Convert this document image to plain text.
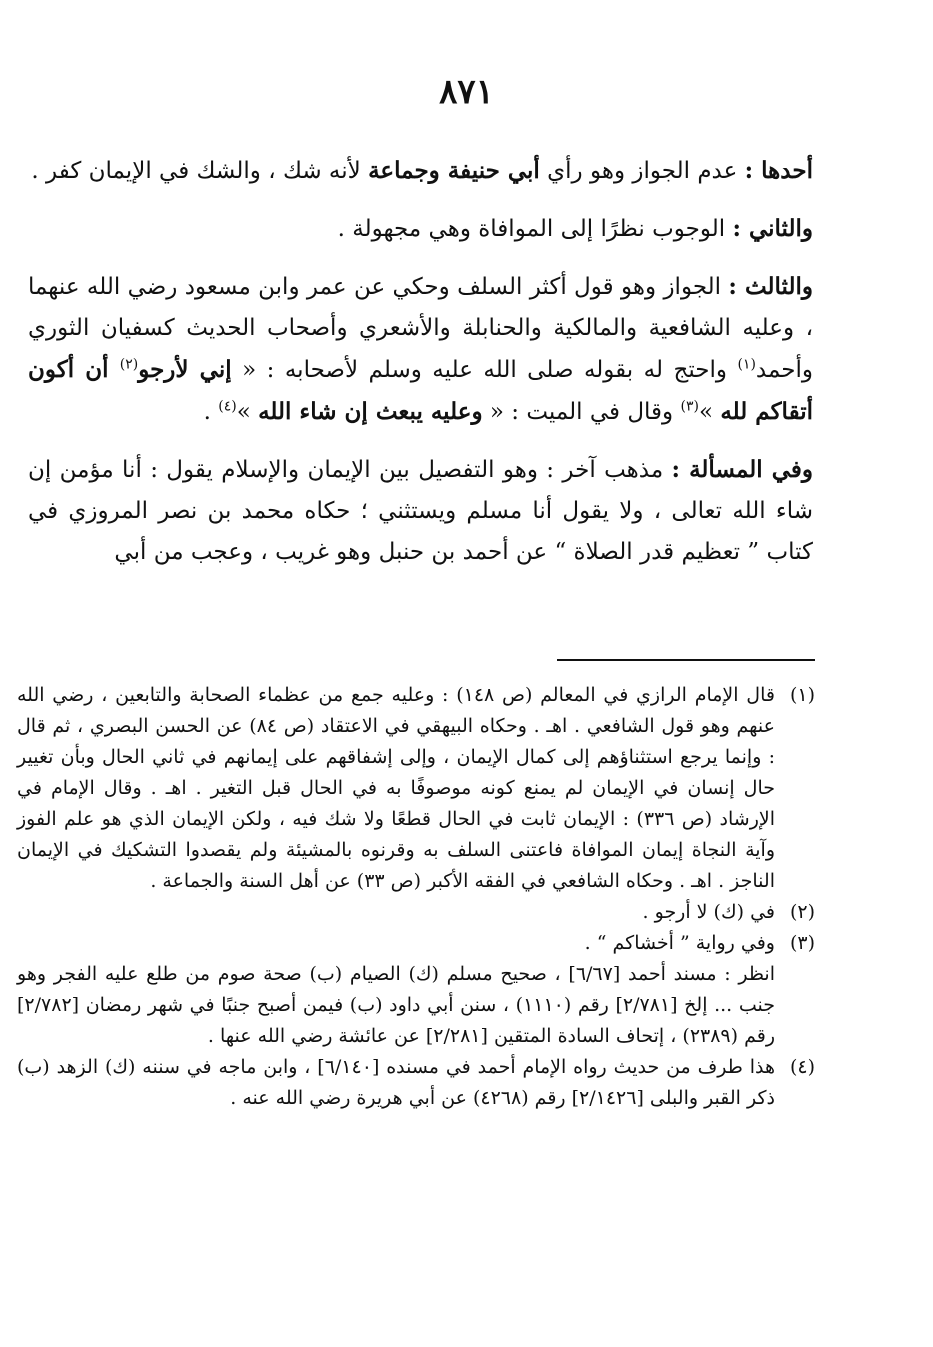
٨٧١

أحدها : عدم الجواز وهو رأي أبي حنيفة وجماعة لأنه شك ، والشك في الإيمان كفر .

والثاني : الوجوب نظرًا إلى الموافاة وهي مجهولة .

والثالث : الجواز وهو قول أكثر السلف وحكي عن عمر وابن مسعود رضي الله عنهما ، وعليه الشافعية والمالكية والحنابلة والأشعري وأصحاب الحديث كسفيان الثوري وأحمد$^{(١)}$ واحتج له بقوله صلى الله عليه وسلم لأصحابه : « إني لأرجو$^{(٢)}$ أن أكون أتقاكم لله »$^{(٣)}$ وقال في الميت : « وعليه يبعث إن شاء الله »$^{(٤)}$ .

وفي المسألة : مذهب آخر : وهو التفصيل بين الإيمان والإسلام يقول : أنا مؤمن إن شاء الله تعالى ، ولا يقول أنا مسلم ويستثني ؛ حكاه محمد بن نصر المروزي في كتاب ” تعظيم قدر الصلاة “ عن أحمد بن حنبل وهو غريب ، وعجب من أبي

(١)
قال الإمام الرازي في المعالم (ص ١٤٨) : وعليه جمع من عظماء الصحابة والتابعين ، رضي الله عنهم وهو قول الشافعي . اهـ . وحكاه البيهقي في الاعتقاد (ص ٨٤) عن الحسن البصري ، ثم قال : وإنما يرجع استثناؤهم إلى كمال الإيمان ، وإلى إشفاقهم على إيمانهم في ثاني الحال وبأن تغيير حال إنسان في الإيمان لم يمنع كونه موصوفًا به في الحال قبل التغير . اهـ . وقال الإمام في الإرشاد (ص ٣٣٦) : الإيمان ثابت في الحال قطعًا ولا شك فيه ، ولكن الإيمان الذي هو علم الفوز وآية النجاة إيمان الموافاة فاعتنى السلف به وقرنوه بالمشيئة ولم يقصدوا التشكيك في الإيمان الناجز . اهـ . وحكاه الشافعي في الفقه الأكبر (ص ٣٣) عن أهل السنة والجماعة .

(٢)
في (ك) لا أرجو .

(٣)
وفي رواية ” أخشاكم “ .

انظر : مسند أحمد [٦/٦٧] ، صحيح مسلم (ك) الصيام (ب) صحة صوم من طلع عليه الفجر وهو جنب ... إلخ [٢/٧٨١] رقم (١١١٠) ، سنن أبي داود (ب) فيمن أصبح جنبًا في شهر رمضان [٢/٧٨٢] رقم (٢٣٨٩) ، إتحاف السادة المتقين [٢/٢٨١] عن عائشة رضي الله عنها .

(٤)
هذا طرف من حديث رواه الإمام أحمد في مسنده [٦/١٤٠] ، وابن ماجه في سننه (ك) الزهد (ب) ذكر القبر والبلى [٢/١٤٢٦] رقم (٤٢٦٨) عن أبي هريرة رضي الله عنه .
